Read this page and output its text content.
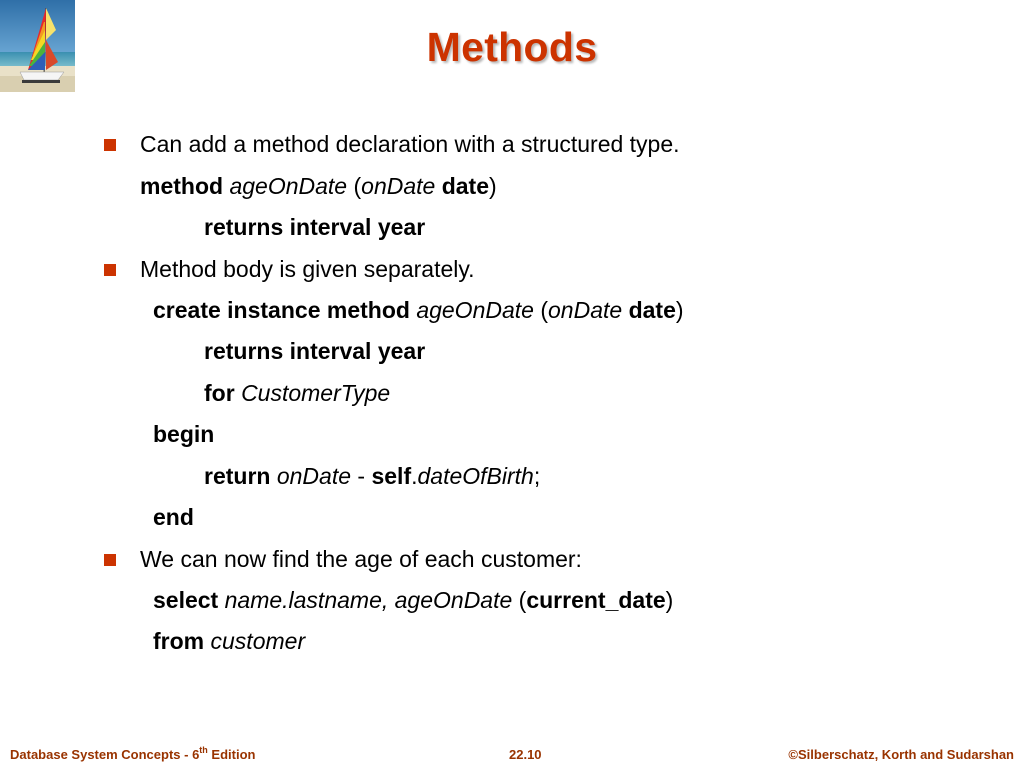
Methods
Can add a method declaration with a structured type.
method ageOnDate (onDate date)
returns interval year
Method body is given separately.
create instance method ageOnDate (onDate date)
returns interval year
for CustomerType
begin
return onDate - self.dateOfBirth;
end
We can now find the age of each customer:
select name.lastname, ageOnDate (current_date)
from customer
Database System Concepts - 6th Edition	22.10	©Silberschatz, Korth and Sudarshan
